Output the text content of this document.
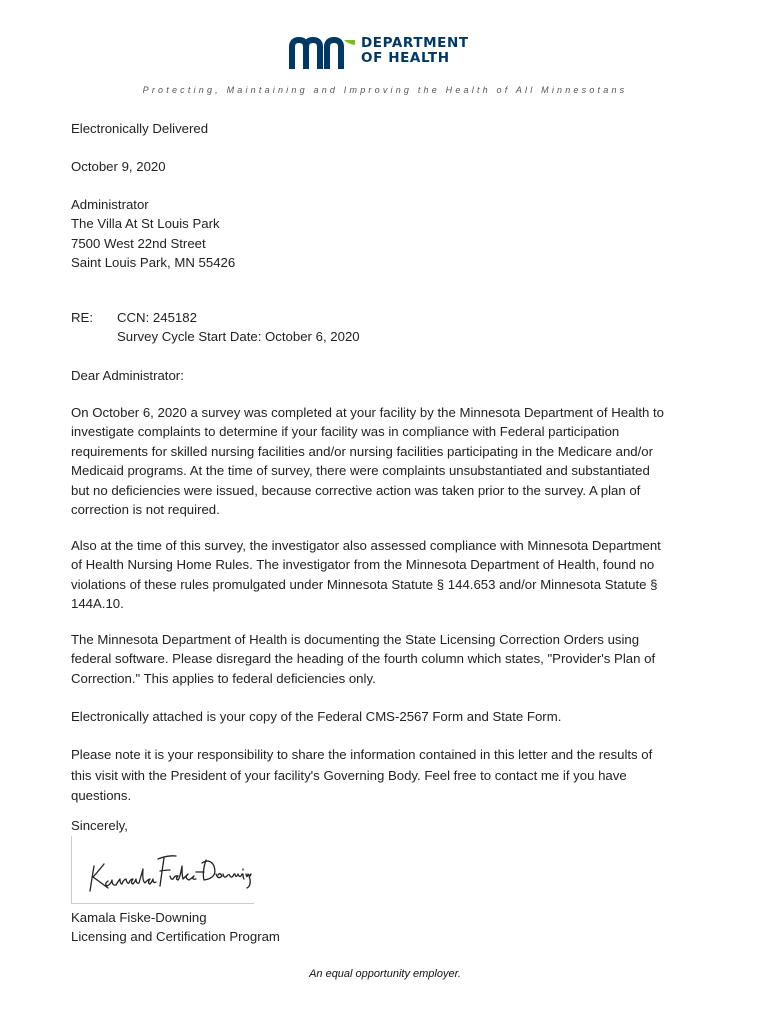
DEPARTMENT
OF HEALTH
Protecting, Maintaining and Improving the Health of All Minnesotans
Electronically Delivered
October 9, 2020
Administrator
The Villa At St Louis Park
7500 West 22nd Street
Saint Louis Park, MN 55426
RE: CCN: 245182
Survey Cycle Start Date: October 6, 2020
Dear Administrator:
On October 6, 2020 a survey was completed at your facility by the Minnesota Department of Health to
investigate complaints to determine if your facility was in compliance with Federal participation
requirements for skilled nursing facilities and/or nursing facilities participating in the Medicare and/or
Medicaid programs. At the time of survey, there were complaints unsubstantiated and substantiated
but no deficiencies were issued, because corrective action was taken prior to the survey. A plan of
correction is not required.
Also at the time of this survey, the investigator also assessed compliance with Minnesota Department
of Health Nursing Home Rules. The investigator from the Minnesota Department of Health, found no
violations of these rules promulgated under Minnesota Statute § 144.653 and/or Minnesota Statute §
144A.10.
The Minnesota Department of Health is documenting the State Licensing Correction Orders using
federal software. Please disregard the heading of the fourth column which states, "Provider's Plan of
Correction." This applies to federal deficiencies only.
Electronically attached is your copy of the Federal CMS-2567 Form and State Form.
Please note it is your responsibility to share the information contained in this letter and the results of
this visit with the President of your facility's Governing Body. Feel free to contact me if you have
questions.
Sincerely,
Kamala Fiske-Downing
Licensing and Certification Program
An equal opportunity employer.
